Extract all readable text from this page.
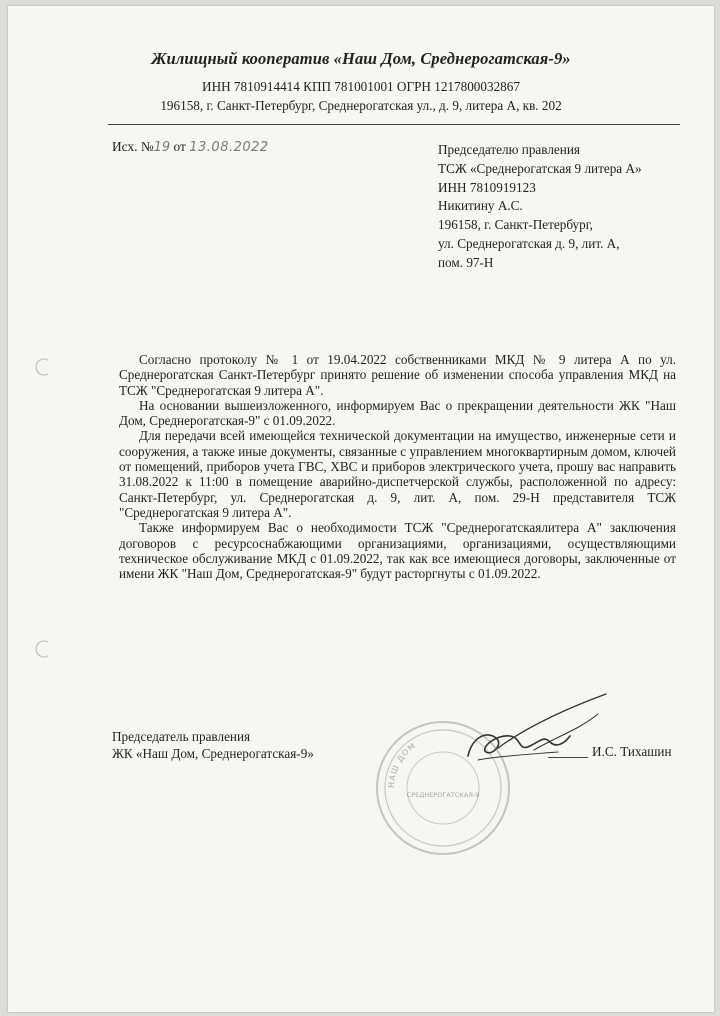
Жилищный кооператив «Наш Дом, Среднерогатская-9»
ИНН 7810914414 КПП 781001001 ОГРН 1217800032867
196158, г. Санкт-Петербург, Среднерогатская ул., д. 9, литера А, кв. 202
Исх. №19 от 13.08.2022	Председателю правления
ТСЖ «Среднерогатская 9 литера А»
ИНН 7810919123
Никитину А.С.
196158, г. Санкт-Петербург,
ул. Среднерогатская д. 9, лит. А,
пом. 97-Н

Согласно протоколу № 1 от 19.04.2022 собственниками МКД № 9 литера А по ул. Среднерогатская Санкт-Петербург принято решение об изменении способа управления МКД на ТСЖ "Среднерогатская 9 литера А".

На основании вышеизложенного, информируем Вас о прекращении деятельности ЖК "Наш Дом, Среднерогатская-9" с 01.09.2022.

Для передачи всей имеющейся технической документации на имущество, инженерные сети и сооружения, а также иные документы, связанные с управлением многоквартирным домом, ключей от помещений, приборов учета ГВС, ХВС и приборов электрического учета, прошу вас направить 31.08.2022 к 11:00 в помещение аварийно-диспетчерской службы, расположенной по адресу: Санкт-Петербург, ул. Среднерогатская д. 9, лит. А, пом. 29-Н представителя ТСЖ "Среднерогатская 9 литера А".

Также информируем Вас о необходимости ТСЖ "Среднерогатскаялитера А" заключения договоров с ресурсоснабжающими организациями, организациями, осуществляющими техническое обслуживание МКД с 01.09.2022, так как все имеющиеся договоры, заключенные от имени ЖК "Наш Дом, Среднерогатская-9" будут расторгнуты с 01.09.2022.

НАШ ДОМ
СРЕДНЕРОГАТСКАЯ-9
Председатель правления
ЖК «Наш Дом, Среднерогатская-9»	И.С. Тихашин
